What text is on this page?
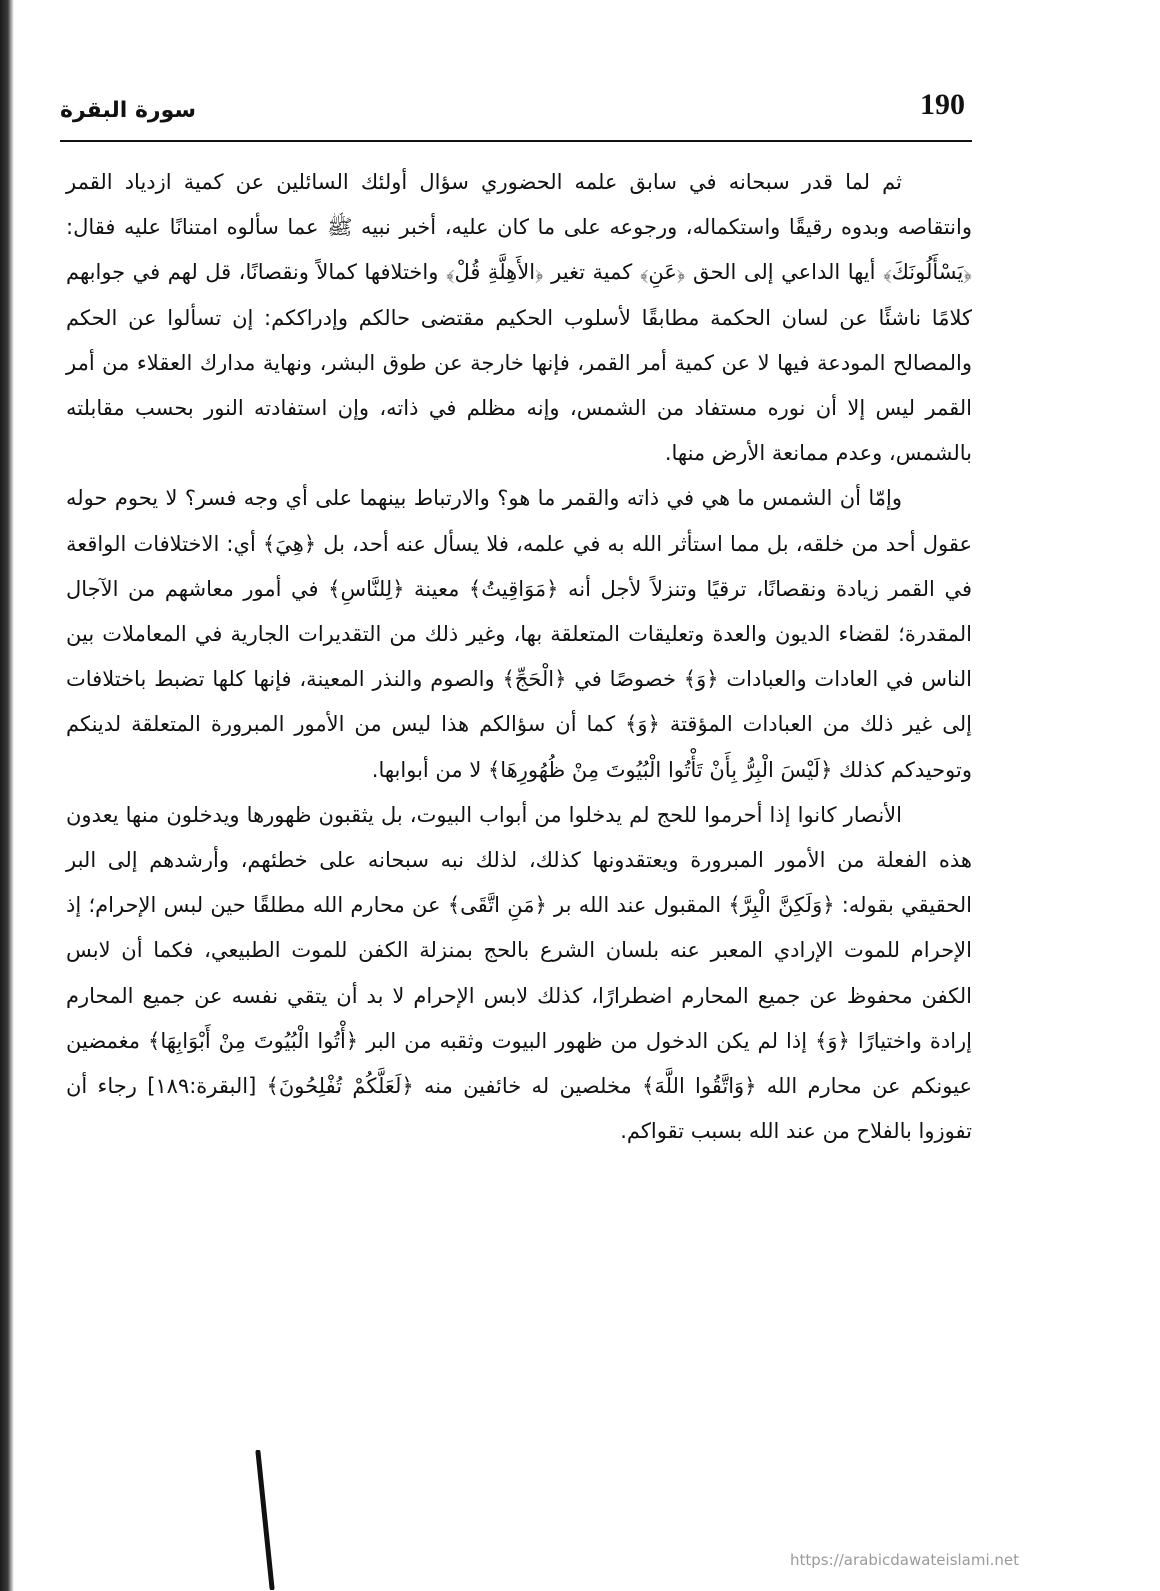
190
سورة البقرة

ثم لما قدر سبحانه في سابق علمه الحضوري سؤال أولئك السائلين عن كمية ازدياد القمر وانتقاصه وبدوه رقيقًا واستكماله، ورجوعه على ما كان عليه، أخبر نبيه ﷺ عما سألوه امتنانًا عليه فقال: ﴿يَسْأَلُونَكَ﴾ أيها الداعي إلى الحق ﴿عَنِ﴾ كمية تغير ﴿الأَهِلَّةِ قُلْ﴾ واختلافها كمالاً ونقصانًا، قل لهم في جوابهم كلامًا ناشئًا عن لسان الحكمة مطابقًا لأسلوب الحكيم مقتضى حالكم وإدراككم: إن تسألوا عن الحكم والمصالح المودعة فيها لا عن كمية أمر القمر، فإنها خارجة عن طوق البشر، ونهاية مدارك العقلاء من أمر القمر ليس إلا أن نوره مستفاد من الشمس، وإنه مظلم في ذاته، وإن استفادته النور بحسب مقابلته بالشمس، وعدم ممانعة الأرض منها.

وإمّا أن الشمس ما هي في ذاته والقمر ما هو؟ والارتباط بينهما على أي وجه فسر؟ لا يحوم حوله عقول أحد من خلقه، بل مما استأثر الله به في علمه، فلا يسأل عنه أحد، بل ﴿هِيَ﴾ أي: الاختلافات الواقعة في القمر زيادة ونقصانًا، ترقيًا وتنزلاً لأجل أنه ﴿مَوَاقِيتُ﴾ معينة ﴿لِلنَّاسِ﴾ في أمور معاشهم من الآجال المقدرة؛ لقضاء الديون والعدة وتعليقات المتعلقة بها، وغير ذلك من التقديرات الجارية في المعاملات بين الناس في العادات والعبادات ﴿وَ﴾ خصوصًا في ﴿الْحَجِّ﴾ والصوم والنذر المعينة، فإنها كلها تضبط باختلافات إلى غير ذلك من العبادات المؤقتة ﴿وَ﴾ كما أن سؤالكم هذا ليس من الأمور المبرورة المتعلقة لدينكم وتوحيدكم كذلك ﴿لَيْسَ الْبِرُّ بِأَنْ تَأْتُوا الْبُيُوتَ مِنْ ظُهُورِهَا﴾ لا من أبوابها.

الأنصار كانوا إذا أحرموا للحج لم يدخلوا من أبواب البيوت، بل يثقبون ظهورها ويدخلون منها يعدون هذه الفعلة من الأمور المبرورة ويعتقدونها كذلك، لذلك نبه سبحانه على خطئهم، وأرشدهم إلى البر الحقيقي بقوله: ﴿وَلَكِنَّ الْبِرَّ﴾ المقبول عند الله بر ﴿مَنِ اتَّقَى﴾ عن محارم الله مطلقًا حين لبس الإحرام؛ إذ الإحرام للموت الإرادي المعبر عنه بلسان الشرع بالحج بمنزلة الكفن للموت الطبيعي، فكما أن لابس الكفن محفوظ عن جميع المحارم اضطرارًا، كذلك لابس الإحرام لا بد أن يتقي نفسه عن جميع المحارم إرادة واختيارًا ﴿وَ﴾ إذا لم يكن الدخول من ظهور البيوت وثقبه من البر ﴿أْتُوا الْبُيُوتَ مِنْ أَبْوَابِهَا﴾ مغمضين عيونكم عن محارم الله ﴿وَاتَّقُوا اللَّهَ﴾ مخلصين له خائفين منه ﴿لَعَلَّكُمْ تُفْلِحُونَ﴾ [البقرة:١٨٩] رجاء أن تفوزوا بالفلاح من عند الله بسبب تقواكم.

https://arabicdawateislami.net
